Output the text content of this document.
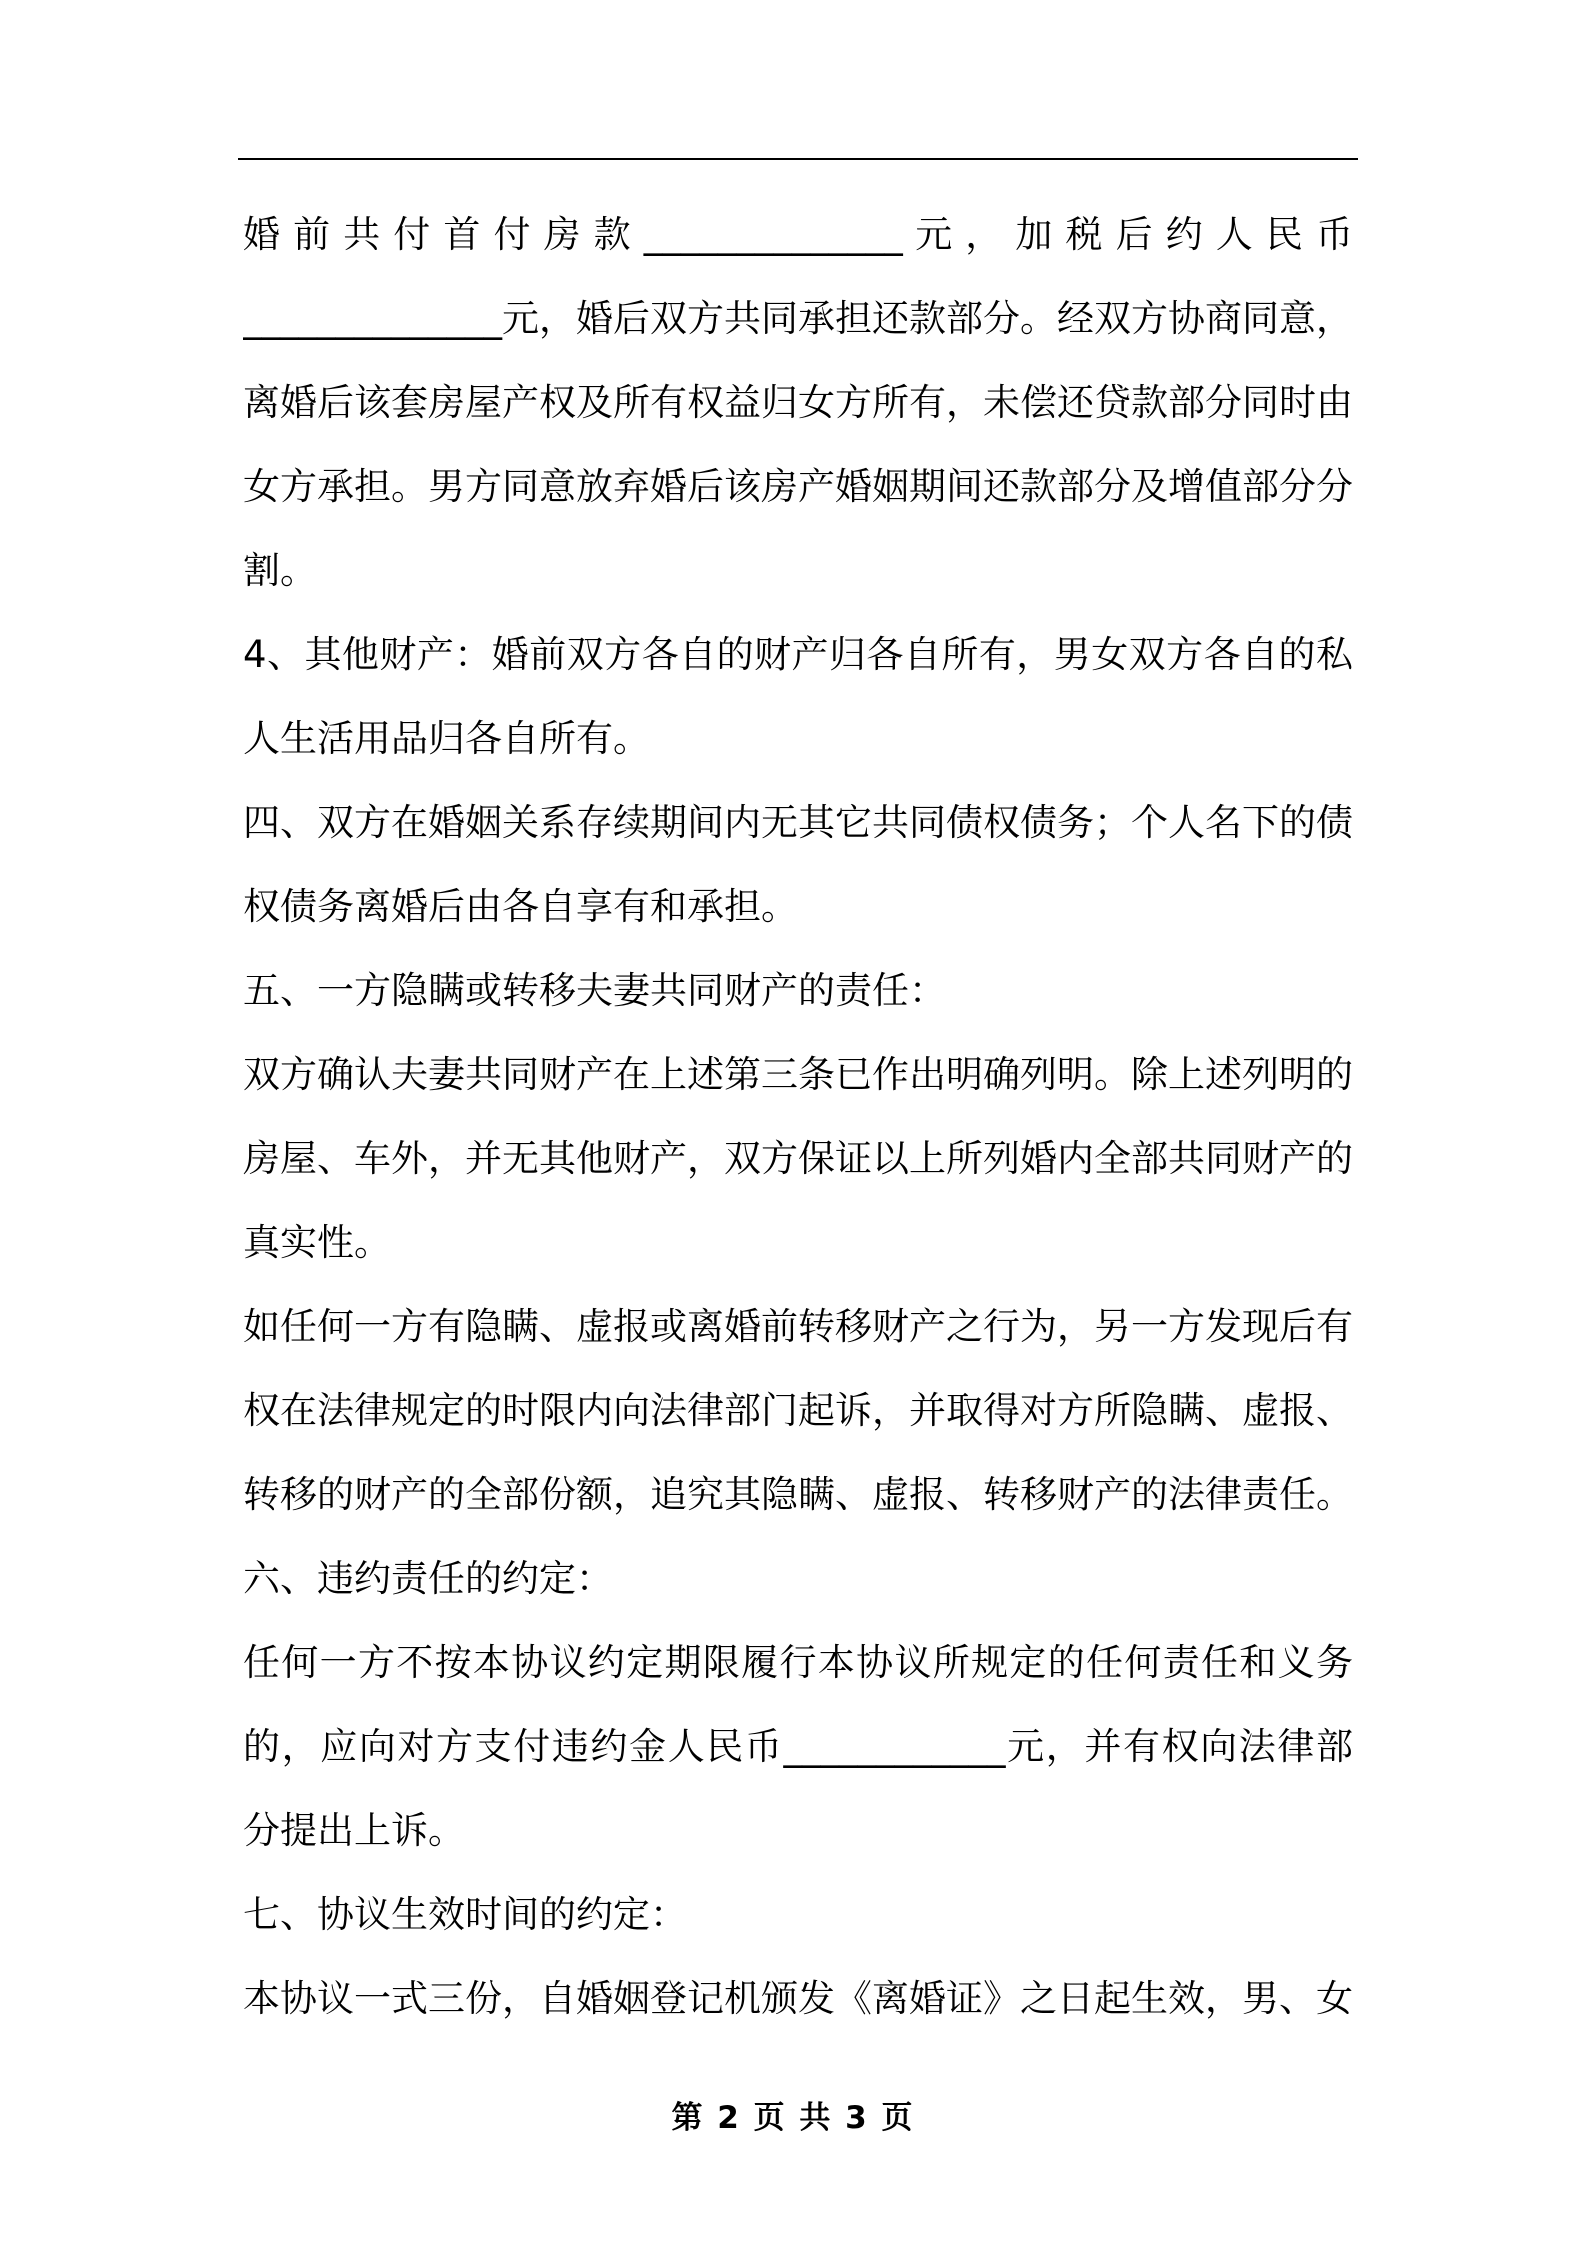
婚 前 共 付 首 付 房 款 ______________ 元 ， 加 税 后 约 人 民 币
______________元，婚后双方共同承担还款部分。经双方协商同意，
离婚后该套房屋产权及所有权益归女方所有，未偿还贷款部分同时由
女方承担。男方同意放弃婚后该房产婚姻期间还款部分及增值部分分
割。
4、其他财产：婚前双方各自的财产归各自所有，男女双方各自的私
人生活用品归各自所有。
四、双方在婚姻关系存续期间内无其它共同债权债务；个人名下的债
权债务离婚后由各自享有和承担。
五、一方隐瞒或转移夫妻共同财产的责任：
双方确认夫妻共同财产在上述第三条已作出明确列明。除上述列明的
房屋、车外，并无其他财产，双方保证以上所列婚内全部共同财产的
真实性。
如任何一方有隐瞒、虚报或离婚前转移财产之行为，另一方发现后有
权在法律规定的时限内向法律部门起诉，并取得对方所隐瞒、虚报、
转移的财产的全部份额，追究其隐瞒、虚报、转移财产的法律责任。
六、违约责任的约定：
任何一方不按本协议约定期限履行本协议所规定的任何责任和义务
的，应向对方支付违约金人民币____________元，并有权向法律部
分提出上诉。
七、协议生效时间的约定：
本协议一式三份，自婚姻登记机颁发《离婚证》之日起生效，男、女
第 2 页 共 3 页
